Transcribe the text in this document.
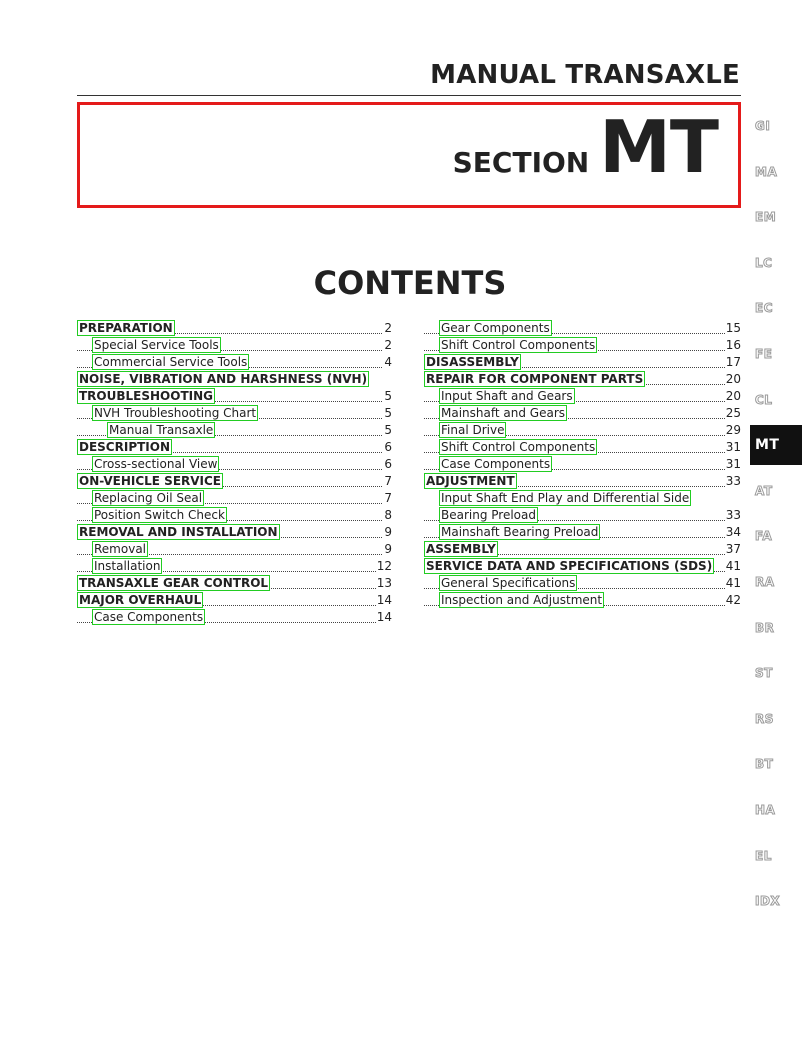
MANUAL TRANSAXLE
SECTION MT
CONTENTS
PREPARATION	2
Special Service Tools	2
Commercial Service Tools	4
NOISE, VIBRATION AND HARSHNESS (NVH)
TROUBLESHOOTING	5
NVH Troubleshooting Chart	5
Manual Transaxle	5
DESCRIPTION	6
Cross-sectional View	6
ON-VEHICLE SERVICE	7
Replacing Oil Seal	7
Position Switch Check	8
REMOVAL AND INSTALLATION	9
Removal	9
Installation	12
TRANSAXLE GEAR CONTROL	13
MAJOR OVERHAUL	14
Case Components	14
Gear Components	15
Shift Control Components	16
DISASSEMBLY	17
REPAIR FOR COMPONENT PARTS	20
Input Shaft and Gears	20
Mainshaft and Gears	25
Final Drive	29
Shift Control Components	31
Case Components	31
ADJUSTMENT	33
Input Shaft End Play and Differential Side
Bearing Preload	33
Mainshaft Bearing Preload	34
ASSEMBLY	37
SERVICE DATA AND SPECIFICATIONS (SDS) 41
General Specifications	41
Inspection and Adjustment	42
GI
MA
EM
LC
EC
FE
CL
MT
AT
FA
RA
BR
ST
RS
BT
HA
EL
IDX
